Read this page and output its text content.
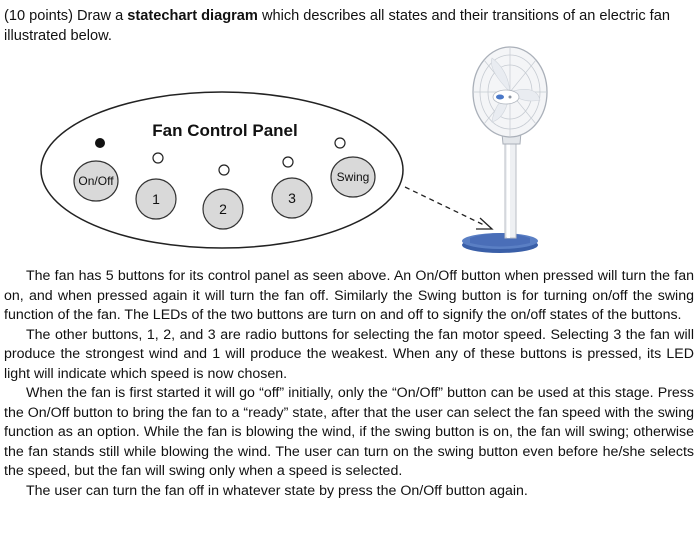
(10 points) Draw a statechart diagram which describes all states and their transitions of an electric fan illustrated below.
Fan Control Panel
On/Off
1
2
3
Swing

The fan has 5 buttons for its control panel as seen above. An On/Off button when pressed will turn the fan on, and when pressed again it will turn the fan off. Similarly the Swing button is for turning on/off the swing function of the fan. The LEDs of the two buttons are turn on and off to signify the on/off states of the buttons.

The other buttons, 1, 2, and 3 are radio buttons for selecting the fan motor speed. Selecting 3 the fan will produce the strongest wind and 1 will produce the weakest. When any of these buttons is pressed, its LED light will indicate which speed is now chosen.

When the fan is first started it will go “off” initially, only the “On/Off” button can be used at this stage. Press the On/Off button to bring the fan to a “ready” state, after that the user can select the fan speed with the swing function as an option. While the fan is blowing the wind, if the swing button is on, the fan will swing; otherwise the fan stands still while blowing the wind. The user can turn on the swing button even before he/she selects the speed, but the fan will swing only when a speed is selected.

The user can turn the fan off in whatever state by press the On/Off button again.
